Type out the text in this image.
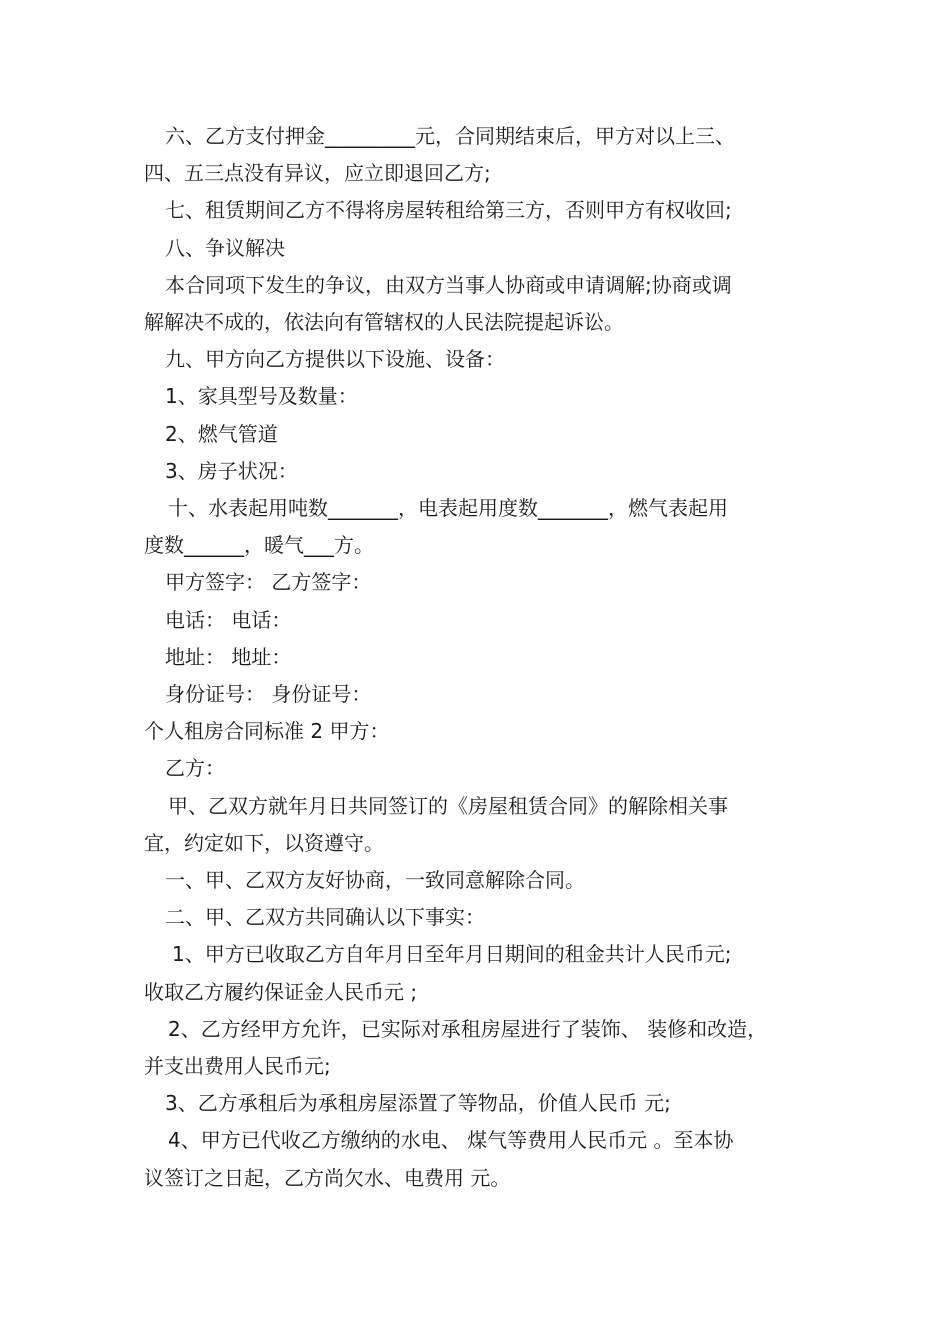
六、乙方支付押金_________元，合同期结束后，甲方对以上三、

四、五三点没有异议，应立即退回乙方;

七、租赁期间乙方不得将房屋转租给第三方，否则甲方有权收回;

八、争议解决

本合同项下发生的争议，由双方当事人协商或申请调解;协商或调

解解决不成的，依法向有管辖权的人民法院提起诉讼。

九、甲方向乙方提供以下设施、设备：

1、家具型号及数量：

2、燃气管道

3、房子状况：

十、水表起用吨数_______，电表起用度数_______，燃气表起用

度数______，暖气___方。

甲方签字： 乙方签字：

电话： 电话：

地址： 地址：

身份证号： 身份证号：

个人租房合同标准 2 甲方：

乙方：

甲、乙双方就年月日共同签订的《房屋租赁合同》的解除相关事

宜，约定如下，以资遵守。

一、甲、乙双方友好协商，一致同意解除合同。

二、甲、乙双方共同确认以下事实：

1、甲方已收取乙方自年月日至年月日期间的租金共计人民币元;

收取乙方履约保证金人民币元 ;

2、乙方经甲方允许，已实际对承租房屋进行了装饰、 装修和改造，

并支出费用人民币元;

3、乙方承租后为承租房屋添置了等物品，价值人民币 元;

4、甲方已代收乙方缴纳的水电、 煤气等费用人民币元 。至本协

议签订之日起，乙方尚欠水、电费用 元。
